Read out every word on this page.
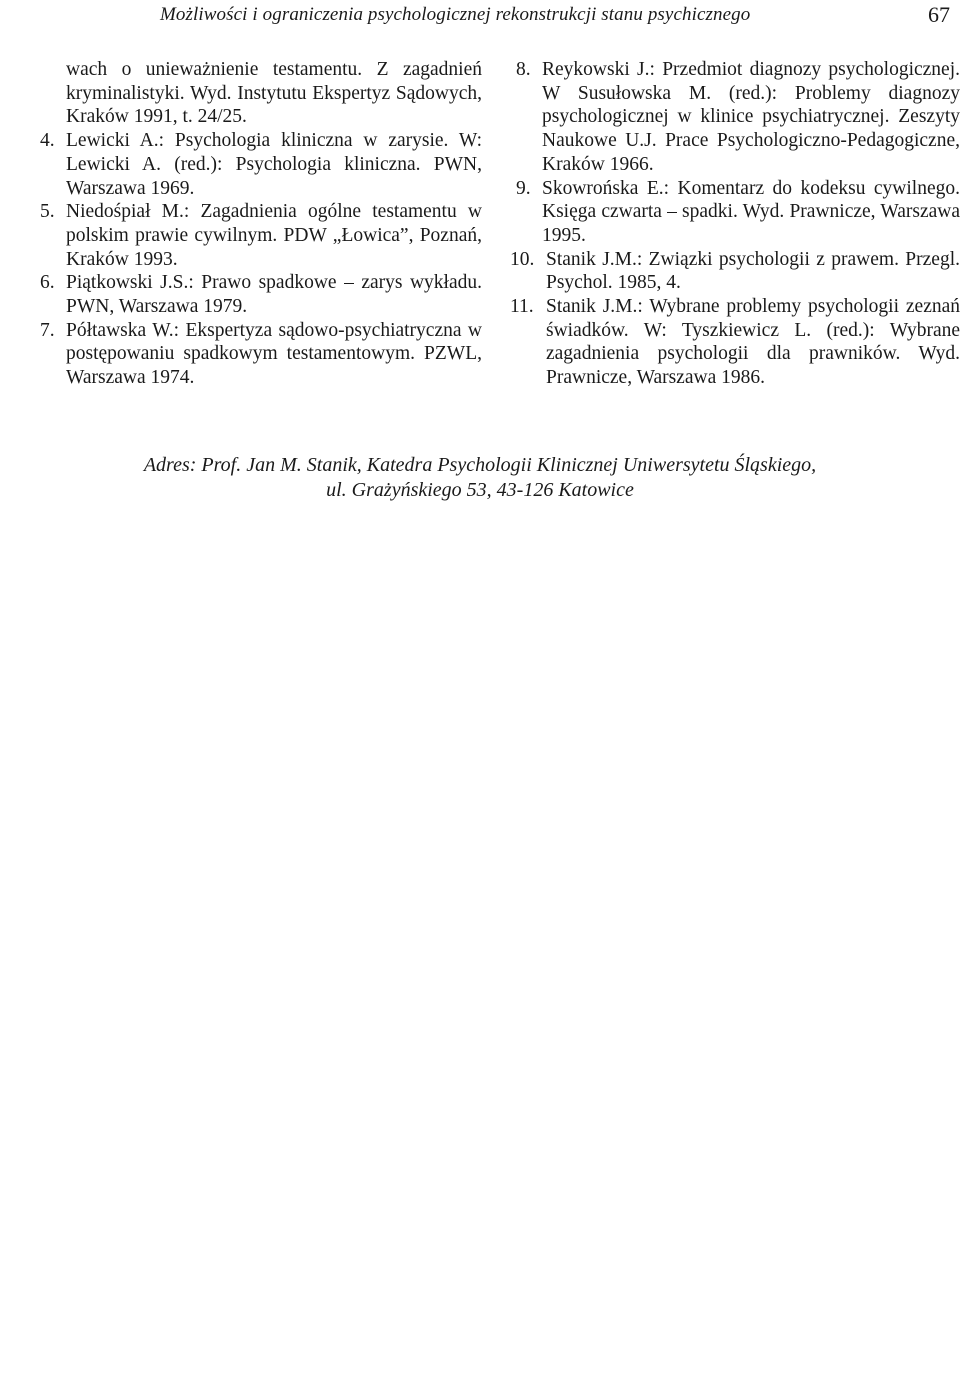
Możliwości i ograniczenia psychologicznej rekonstrukcji stanu psychicznego	67
wach o unieważnienie testamentu. Z zagadnień kryminalistyki. Wyd. Instytutu Ekspertyz Sądowych, Kraków 1991, t. 24/25.
4. Lewicki A.: Psychologia kliniczna w zarysie. W: Lewicki A. (red.): Psychologia kliniczna. PWN, Warszawa 1969.
5. Niedośpiał M.: Zagadnienia ogólne testamentu w polskim prawie cywilnym. PDW „Łowica”, Poznań, Kraków 1993.
6. Piątkowski J.S.: Prawo spadkowe – zarys wykładu. PWN, Warszawa 1979.
7. Półtawska W.: Ekspertyza sądowo-psychiatryczna w postępowaniu spadkowym testamentowym. PZWL, Warszawa 1974.
8. Reykowski J.: Przedmiot diagnozy psychologicznej. W Susułowska M. (red.): Problemy diagnozy psychologicznej w klinice psychiatrycznej. Zeszyty Naukowe U.J. Prace Psychologiczno-Pedagogiczne, Kraków 1966.
9. Skowrońska E.: Komentarz do kodeksu cywilnego. Księga czwarta – spadki. Wyd. Prawnicze, Warszawa 1995.
10. Stanik J.M.: Związki psychologii z prawem. Przegl. Psychol. 1985, 4.
11. Stanik J.M.: Wybrane problemy psychologii zeznań świadków. W: Tyszkiewicz L. (red.): Wybrane zagadnienia psychologii dla prawników. Wyd. Prawnicze, Warszawa 1986.
Adres: Prof. Jan M. Stanik, Katedra Psychologii Klinicznej Uniwersytetu Śląskiego,
ul. Grażyńskiego 53, 43-126 Katowice
